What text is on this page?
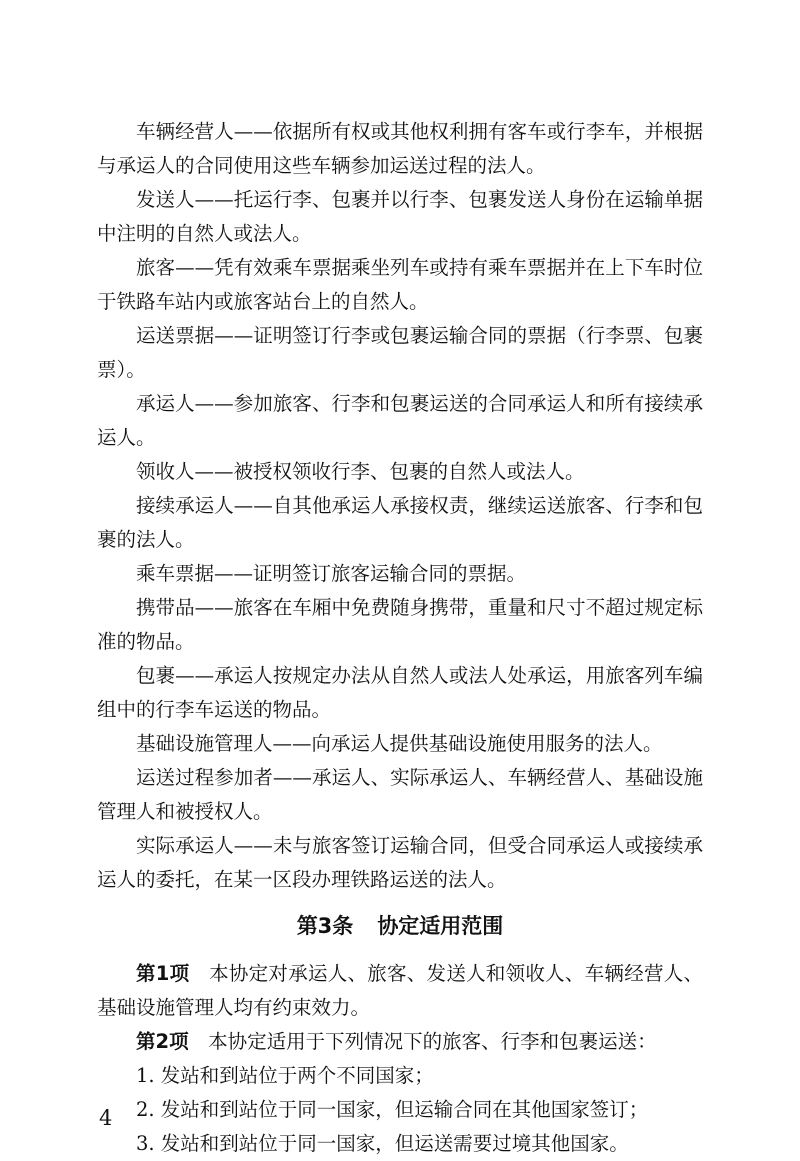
车辆经营人——依据所有权或其他权利拥有客车或行李车，并根据与承运人的合同使用这些车辆参加运送过程的法人。

发送人——托运行李、包裹并以行李、包裹发送人身份在运输单据中注明的自然人或法人。

旅客——凭有效乘车票据乘坐列车或持有乘车票据并在上下车时位于铁路车站内或旅客站台上的自然人。

运送票据——证明签订行李或包裹运输合同的票据（行李票、包裹票）。

承运人——参加旅客、行李和包裹运送的合同承运人和所有接续承运人。

领收人——被授权领收行李、包裹的自然人或法人。

接续承运人——自其他承运人承接权责，继续运送旅客、行李和包裹的法人。

乘车票据——证明签订旅客运输合同的票据。

携带品——旅客在车厢中免费随身携带，重量和尺寸不超过规定标准的物品。

包裹——承运人按规定办法从自然人或法人处承运，用旅客列车编组中的行李车运送的物品。

基础设施管理人——向承运人提供基础设施使用服务的法人。

运送过程参加者——承运人、实际承运人、车辆经营人、基础设施管理人和被授权人。

实际承运人——未与旅客签订运输合同，但受合同承运人或接续承运人的委托，在某一区段办理铁路运送的法人。

第3条 协定适用范围

第1项  本协定对承运人、旅客、发送人和领收人、车辆经营人、基础设施管理人均有约束效力。

第2项  本协定适用于下列情况下的旅客、行李和包裹运送：

1. 发站和到站位于两个不同国家；

2. 发站和到站位于同一国家，但运输合同在其他国家签订；

3. 发站和到站位于同一国家，但运送需要过境其他国家。

4
